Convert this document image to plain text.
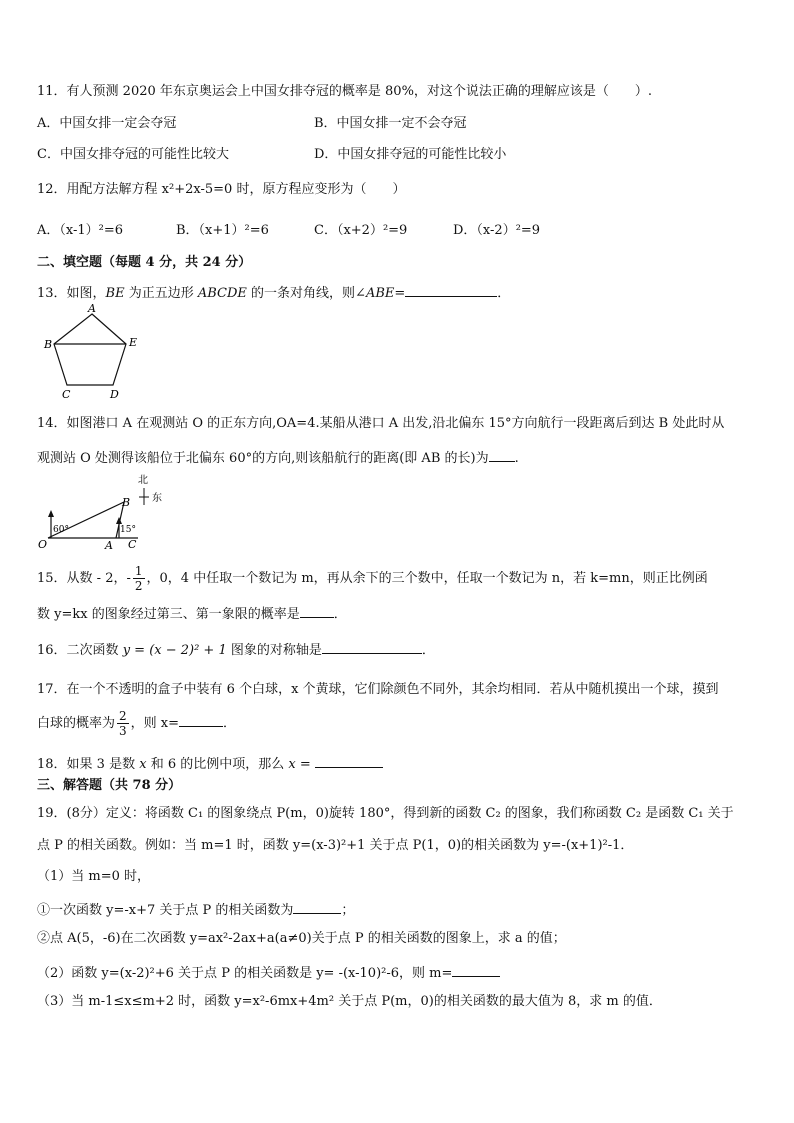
11．有人预测 2020 年东京奥运会上中国女排夺冠的概率是 80%，对这个说法正确的理解应该是（　　）.
A．中国女排一定会夺冠	B．中国女排一定不会夺冠
C．中国女排夺冠的可能性比较大	D．中国女排夺冠的可能性比较小
12．用配方法解方程 x²+2x-5=0 时，原方程应变形为（　　）
A．（x-1）²=6	B．（x+1）²=6	C．（x+2）²=9	D．（x-2）²=9
二、填空题（每题 4 分，共 24 分）
13．如图，BE 为正五边形 ABCDE 的一条对角线，则∠ABE=	．
A
B	E
C	D
14．如图港口 A 在观测站 O 的正东方向,OA=4.某船从港口 A 出发,沿北偏东 15°方向航行一段距离后到达 B 处此时从
观测站 O 处测得该船位于北偏东 60°的方向,则该船航行的距离(即 AB 的长)为 .
北
东
B
O	A C
60°	15°
15．从数 - 2，- $\frac{1}{2}$ ，0，4 中任取一个数记为 m，再从余下的三个数中，任取一个数记为 n，若 k=mn，则正比例函
数 y=kx 的图象经过第三、第一象限的概率是	．
16．二次函数 y = (x − 2)² + 1 图象的对称轴是	．
17．在一个不透明的盒子中装有 6 个白球，x 个黄球，它们除颜色不同外，其余均相同．若从中随机摸出一个球，摸到
白球的概率为 $\frac{2}{3}$ ，则 x=	．
18．如果 3 是数 x 和 6 的比例中项，那么 x =
三、解答题（共 78 分）
19．(8分）定义：将函数 C₁ 的图象绕点 P(m，0)旋转 180°，得到新的函数 C₂ 的图象，我们称函数 C₂ 是函数 C₁ 关于
点 P 的相关函数。例如：当 m=1 时，函数 y=(x-3)²+1 关于点 P(1，0)的相关函数为 y=-(x+1)²-1．
（1）当 m=0 时，
①一次函数 y=-x+7 关于点 P 的相关函数为	；
②点 A(5，-6)在二次函数 y=ax²-2ax+a(a≠0)关于点 P 的相关函数的图象上，求 a 的值；
（2）函数 y=(x-2)²+6 关于点 P 的相关函数是 y= -(x-10)²-6，则 m=
（3）当 m-1≤x≤m+2 时，函数 y=x²-6mx+4m² 关于点 P(m，0)的相关函数的最大值为 8，求 m 的值．
